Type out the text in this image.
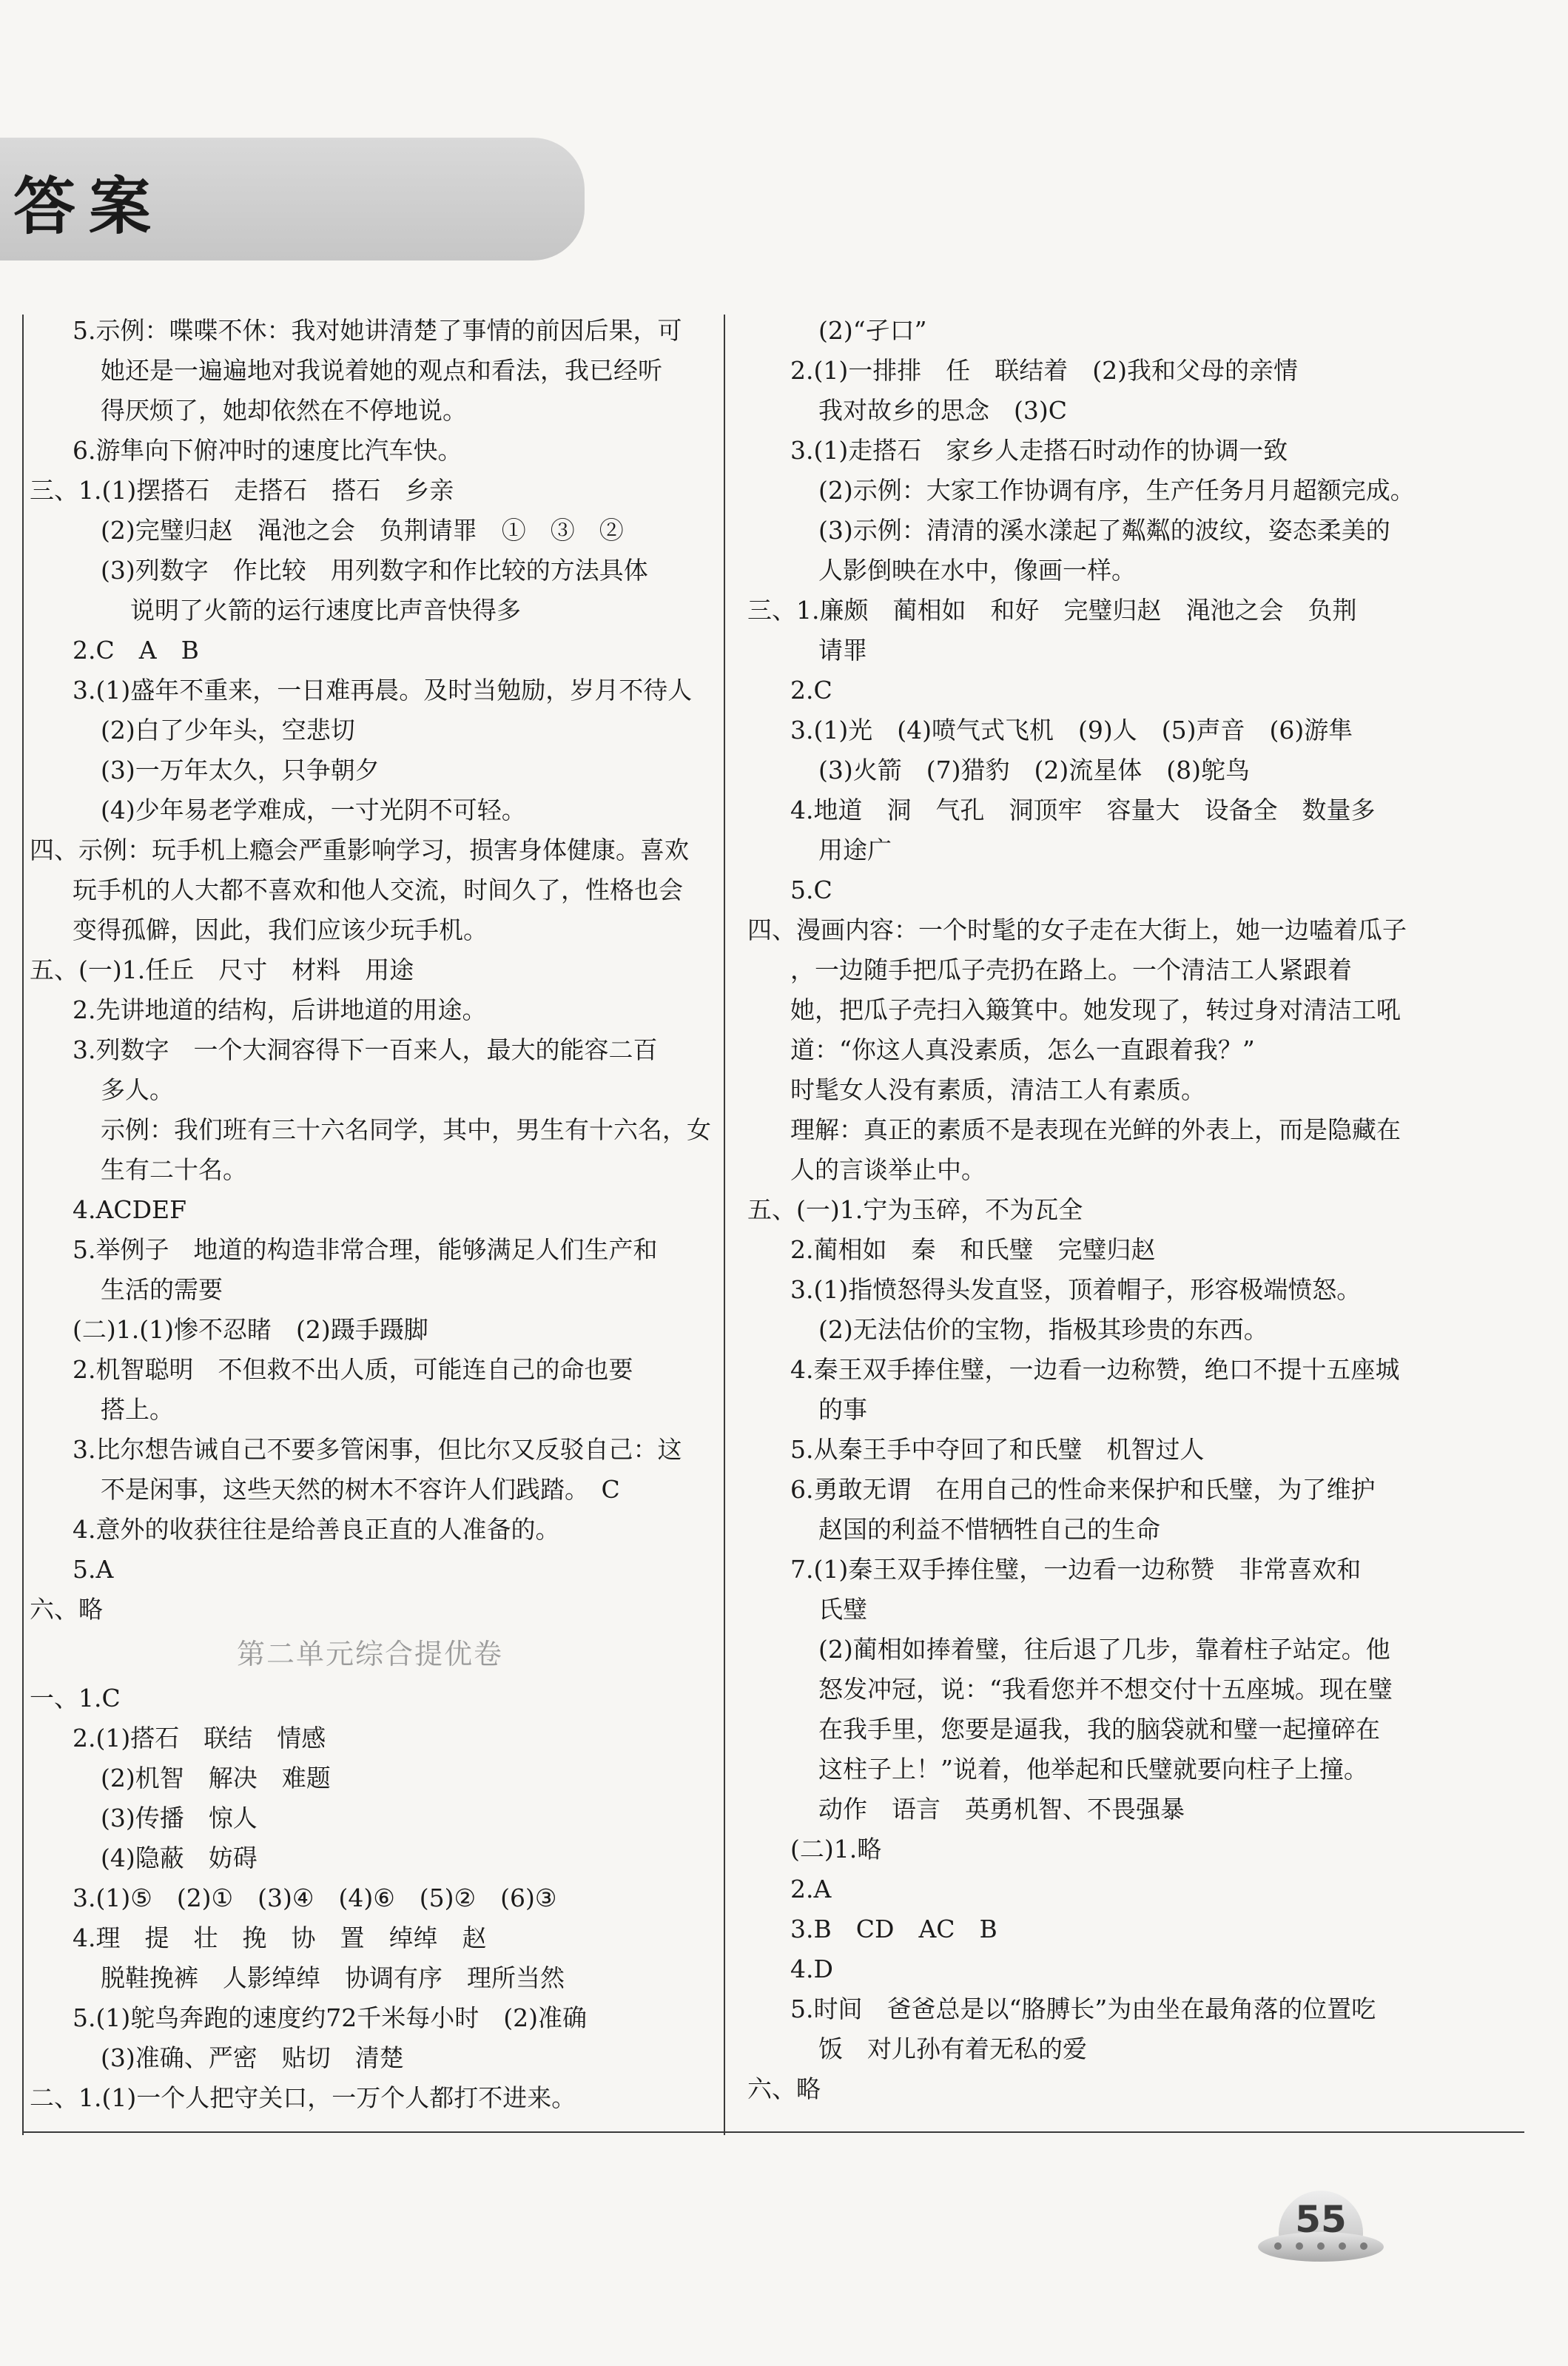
答案
5.示例：喋喋不休：我对她讲清楚了事情的前因后果，可
她还是一遍遍地对我说着她的观点和看法，我已经听
得厌烦了，她却依然在不停地说。
6.游隼向下俯冲时的速度比汽车快。
三、1.(1)摆搭石　走搭石　搭石　乡亲
(2)完璧归赵　渑池之会　负荆请罪　①　③　②
(3)列数字　作比较　用列数字和作比较的方法具体
说明了火箭的运行速度比声音快得多
2.C　A　B
3.(1)盛年不重来，一日难再晨。及时当勉励，岁月不待人
(2)白了少年头，空悲切
(3)一万年太久，只争朝夕
(4)少年易老学难成，一寸光阴不可轻。
四、示例：玩手机上瘾会严重影响学习，损害身体健康。喜欢
玩手机的人大都不喜欢和他人交流，时间久了，性格也会
变得孤僻，因此，我们应该少玩手机。
五、(一)1.任丘　尺寸　材料　用途
2.先讲地道的结构，后讲地道的用途。
3.列数字　一个大洞容得下一百来人，最大的能容二百
多人。
示例：我们班有三十六名同学，其中，男生有十六名，女
生有二十名。
4.ACDEF
5.举例子　地道的构造非常合理，能够满足人们生产和
生活的需要
(二)1.(1)惨不忍睹　(2)蹑手蹑脚
2.机智聪明　不但救不出人质，可能连自己的命也要
搭上。
3.比尔想告诫自己不要多管闲事，但比尔又反驳自己：这
不是闲事，这些天然的树木不容许人们践踏。　C
4.意外的收获往往是给善良正直的人准备的。
5.A
六、略
第二单元综合提优卷
一、1.C
2.(1)搭石　联结　情感
(2)机智　解决　难题
(3)传播　惊人
(4)隐蔽　妨碍
3.(1)⑤　(2)①　(3)④　(4)⑥　(5)②　(6)③
4.理　提　壮　挽　协　置　绰绰　赵
脱鞋挽裤　人影绰绰　协调有序　理所当然
5.(1)鸵鸟奔跑的速度约72千米每小时　(2)准确
(3)准确、严密　贴切　清楚
二、1.(1)一个人把守关口，一万个人都打不进来。
(2)“孑口”
2.(1)一排排　任　联结着　(2)我和父母的亲情
我对故乡的思念　(3)C
3.(1)走搭石　家乡人走搭石时动作的协调一致
(2)示例：大家工作协调有序，生产任务月月超额完成。
(3)示例：清清的溪水漾起了粼粼的波纹，姿态柔美的
人影倒映在水中，像画一样。
三、1.廉颇　蔺相如　和好　完璧归赵　渑池之会　负荆
请罪
2.C
3.(1)光　(4)喷气式飞机　(9)人　(5)声音　(6)游隼
(3)火箭　(7)猎豹　(2)流星体　(8)鸵鸟
4.地道　洞　气孔　洞顶牢　容量大　设备全　数量多
用途广
5.C
四、漫画内容：一个时髦的女子走在大街上，她一边嗑着瓜子
，一边随手把瓜子壳扔在路上。一个清洁工人紧跟着
她，把瓜子壳扫入簸箕中。她发现了，转过身对清洁工吼
道：“你这人真没素质，怎么一直跟着我？”
时髦女人没有素质，清洁工人有素质。
理解：真正的素质不是表现在光鲜的外表上，而是隐藏在
人的言谈举止中。
五、(一)1.宁为玉碎，不为瓦全
2.蔺相如　秦　和氏璧　完璧归赵
3.(1)指愤怒得头发直竖，顶着帽子，形容极端愤怒。
(2)无法估价的宝物，指极其珍贵的东西。
4.秦王双手捧住璧，一边看一边称赞，绝口不提十五座城
的事
5.从秦王手中夺回了和氏璧　机智过人
6.勇敢无谓　在用自己的性命来保护和氏璧，为了维护
赵国的利益不惜牺牲自己的生命
7.(1)秦王双手捧住璧，一边看一边称赞　非常喜欢和
氏璧
(2)蔺相如捧着璧，往后退了几步，靠着柱子站定。他
怒发冲冠，说：“我看您并不想交付十五座城。现在璧
在我手里，您要是逼我，我的脑袋就和璧一起撞碎在
这柱子上！”说着，他举起和氏璧就要向柱子上撞。
动作　语言　英勇机智、不畏强暴
(二)1.略
2.A
3.B　CD　AC　B
4.D
5.时间　爸爸总是以“胳膊长”为由坐在最角落的位置吃
饭　对儿孙有着无私的爱
六、略
55
